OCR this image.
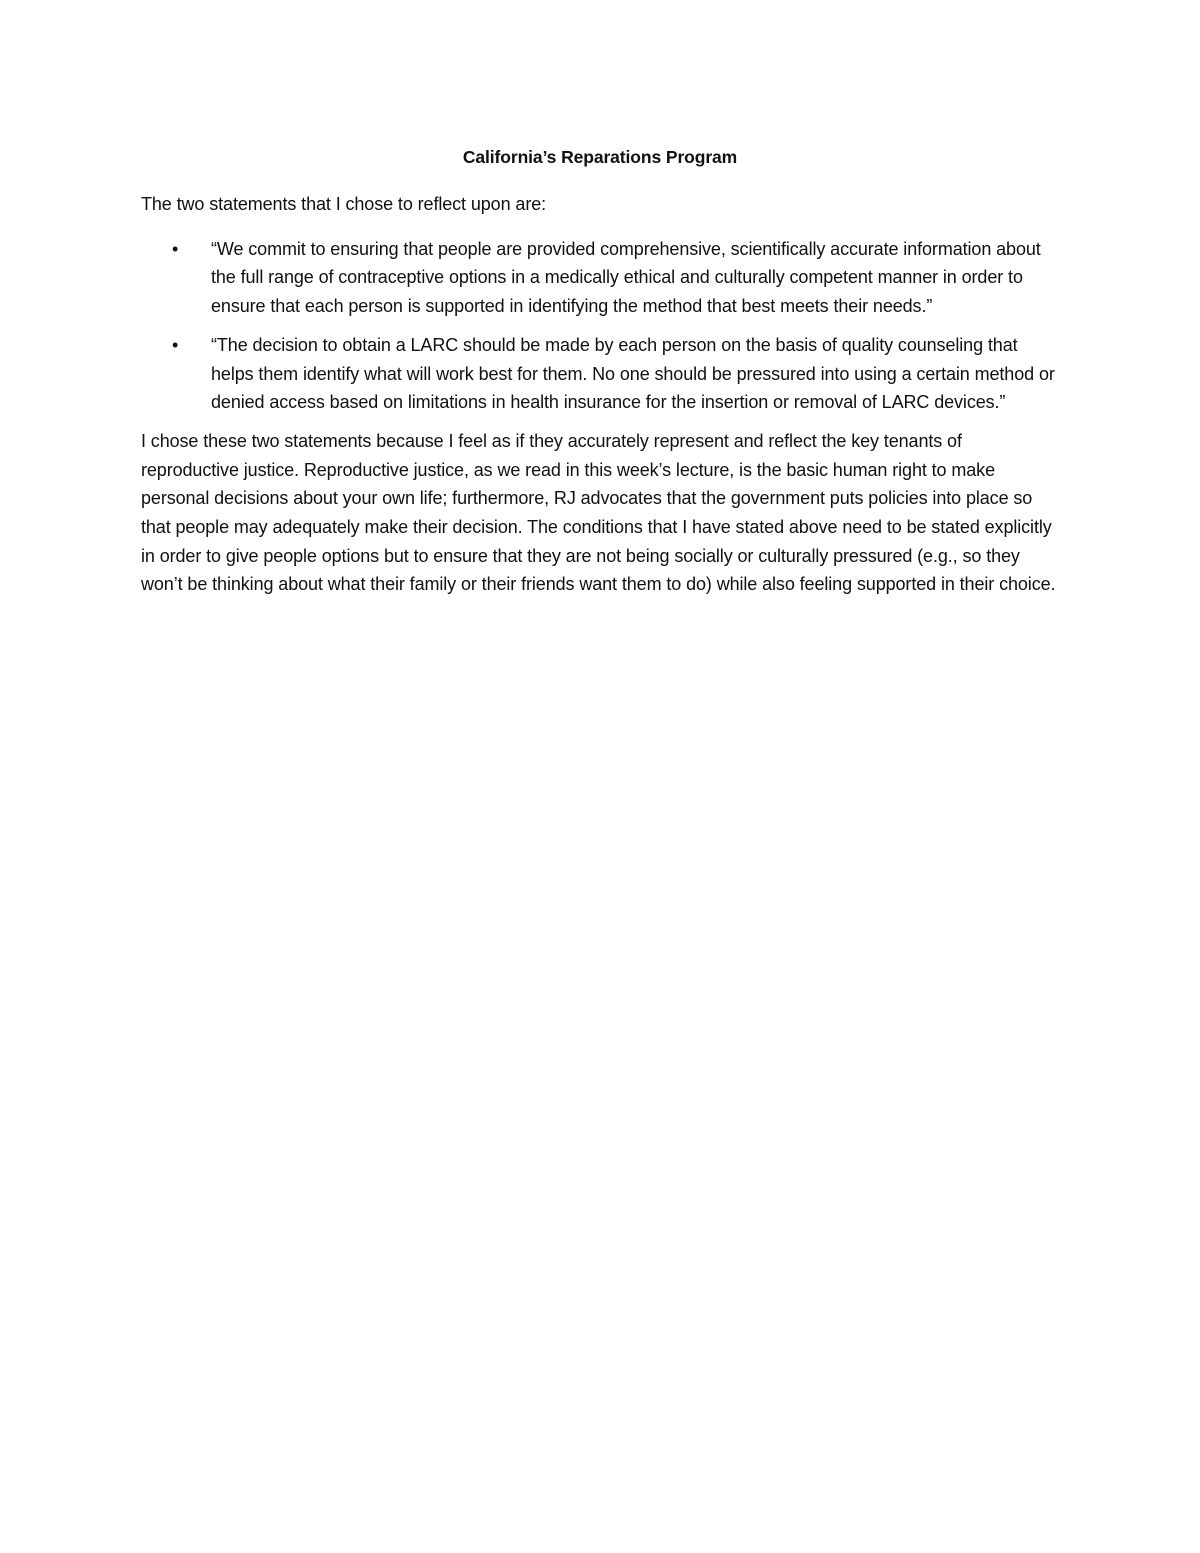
California’s Reparations Program

The two statements that I chose to reflect upon are:

• “We commit to ensuring that people are provided comprehensive, scientifically accurate information about the full range of contraceptive options in a medically ethical and culturally competent manner in order to ensure that each person is supported in identifying the method that best meets their needs.”
• “The decision to obtain a LARC should be made by each person on the basis of quality counseling that helps them identify what will work best for them. No one should be pressured into using a certain method or denied access based on limitations in health insurance for the insertion or removal of LARC devices.”

I chose these two statements because I feel as if they accurately represent and reflect the key tenants of reproductive justice. Reproductive justice, as we read in this week’s lecture, is the basic human right to make personal decisions about your own life; furthermore, RJ advocates that the government puts policies into place so that people may adequately make their decision. The conditions that I have stated above need to be stated explicitly in order to give people options but to ensure that they are not being socially or culturally pressured (e.g., so they won’t be thinking about what their family or their friends want them to do) while also feeling supported in their choice.
